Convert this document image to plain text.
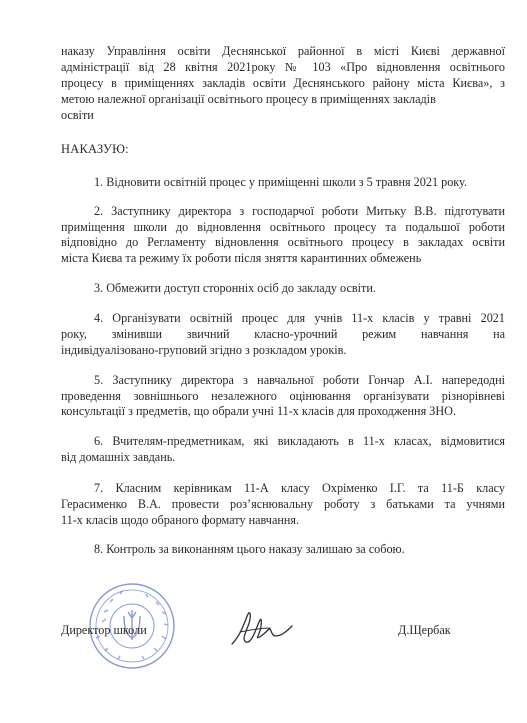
наказу Управління освіти Деснянської районної в місті Києві державної
адміністрації від 28 квітня 2021року № 103 «Про відновлення освітнього
процесу в приміщеннях закладів освіти Деснянського району міста Києва», з
метою належної організації освітнього процесу в приміщеннях закладів
освіти
НАКАЗУЮ:
1. Відновити освітній процес у приміщенні школи з 5 травня 2021 року.
2. Заступнику директора з господарчої роботи Митьку В.В. підготувати
приміщення школи до відновлення освітнього процесу та подальшої роботи
відповідно до Регламенту відновлення освітнього процесу в закладах освіти
міста Києва та режиму їх роботи після зняття карантинних обмежень
3. Обмежити доступ сторонніх осіб до закладу освіти.
4. Організувати освітній процес для учнів 11-х класів у травні 2021
року, змінивши звичний класно-урочний режим навчання на
індивідуалізовано-груповий згідно з розкладом уроків.
5. Заступнику директора з навчальної роботи Гончар А.І. напередодні
проведення зовнішнього незалежного оцінювання організувати різнорівневі
консультації з предметів, що обрали учні 11-х класів для проходження ЗНО.
6. Вчителям-предметникам, які викладають в 11-х класах, відмовитися
від домашніх завдань.
7. Класним керівникам 11-А класу Охріменко І.Г. та 11-Б класу
Герасименко В.А. провести роз’яснювальну роботу з батьками та учнями
11-х класів щодо обраного формату навчання.
8. Контроль за виконанням цього наказу залишаю за собою.
Директор школи	Д.Щербак
